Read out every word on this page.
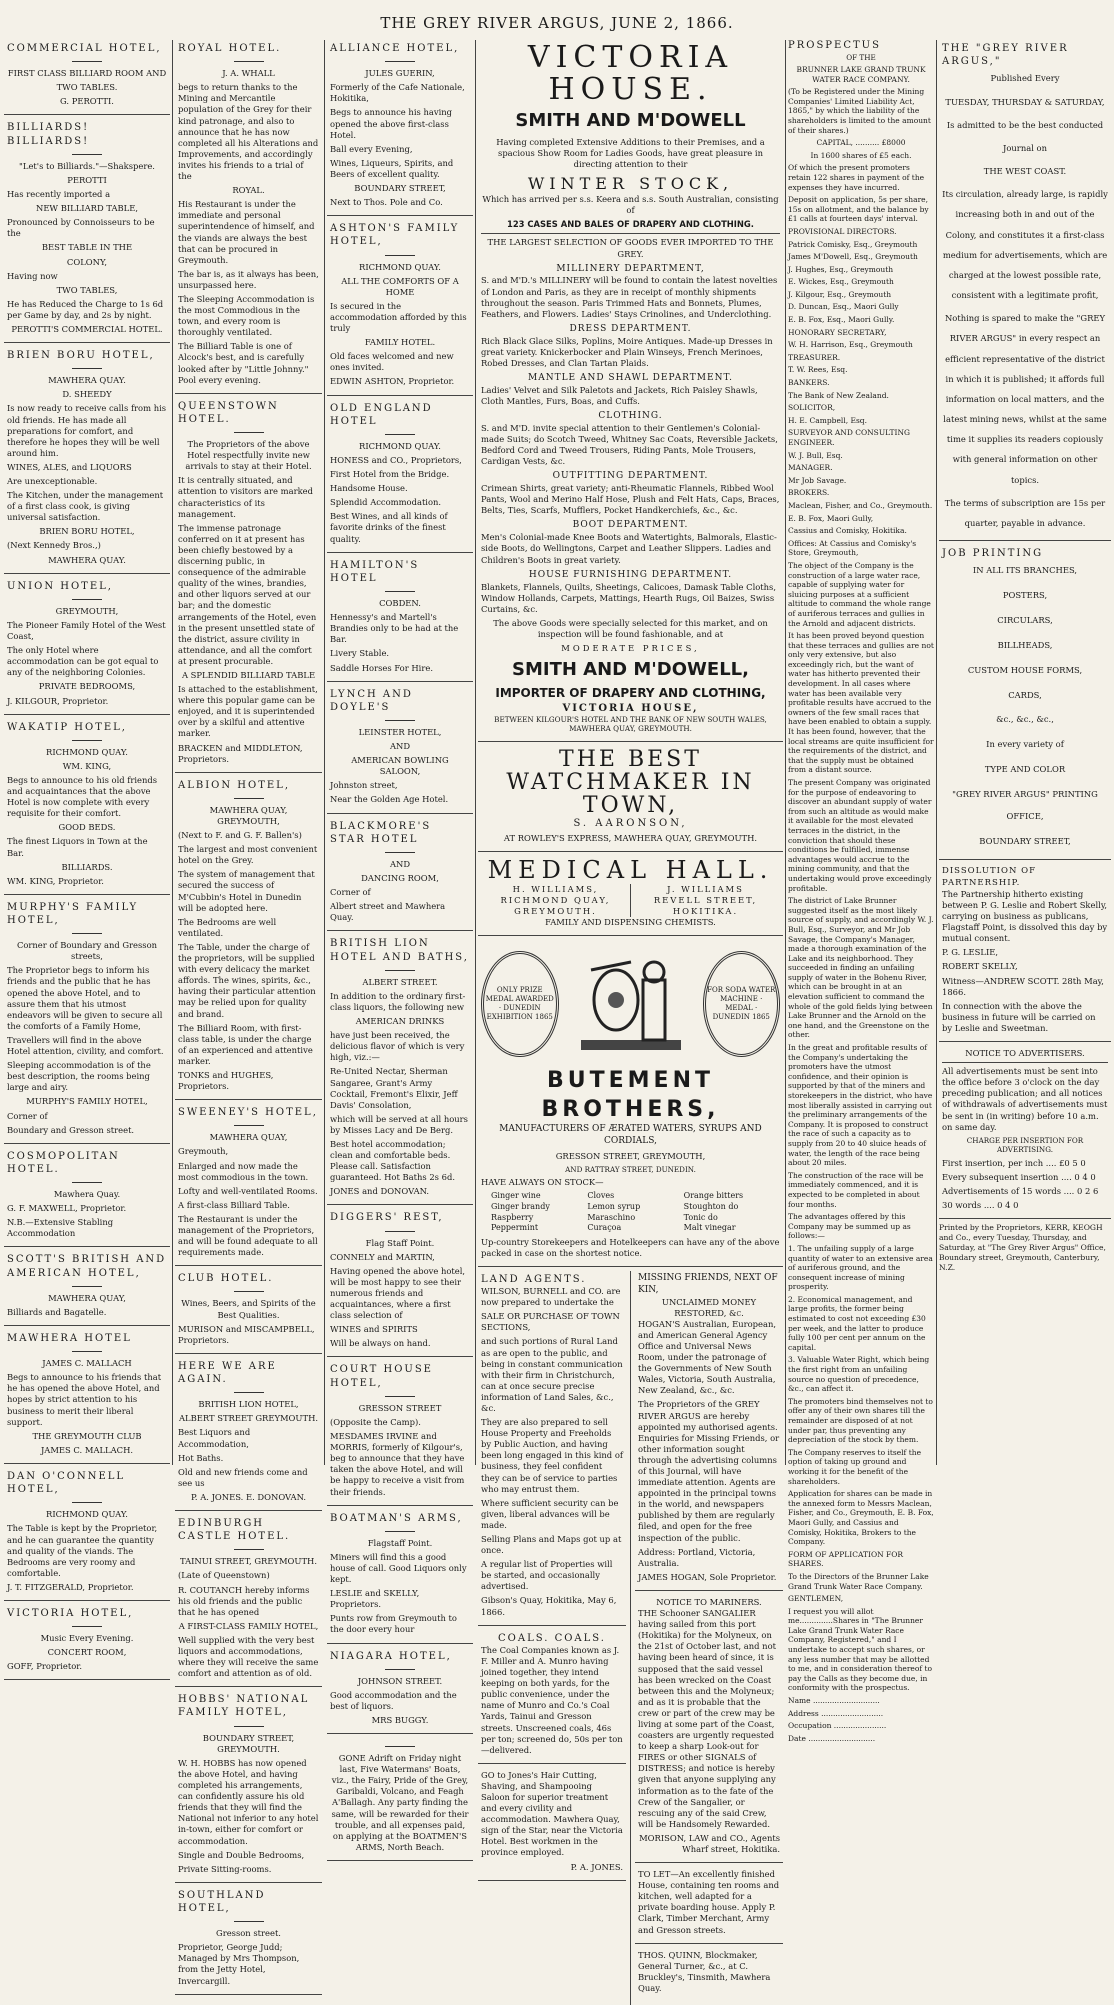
THE GREY RIVER ARGUS, JUNE 2, 1866.
COMMERCIAL HOTEL,

FIRST CLASS BILLIARD ROOM AND

TWO TABLES.

G. PEROTTI.

BILLIARDS! BILLIARDS!

"Let's to Billiards."—Shakspere.

PEROTTI

Has recently imported a

NEW BILLIARD TABLE,

Pronounced by Connoisseurs to be the

BEST TABLE IN THE

COLONY,

Having now

TWO TABLES,

He has Reduced the Charge to 1s 6d per Game by day, and 2s by night.

PEROTTI'S COMMERCIAL HOTEL.

BRIEN BORU HOTEL,

MAWHERA QUAY.

D. SHEEDY

Is now ready to receive calls from his old friends. He has made all preparations for comfort, and therefore he hopes they will be well around him.

WINES, ALES, and LIQUORS

Are unexceptionable.

The Kitchen, under the management of a first class cook, is giving universal satisfaction.

BRIEN BORU HOTEL,

(Next Kennedy Bros.,)

MAWHERA QUAY.

UNION HOTEL,

GREYMOUTH,

The Pioneer Family Hotel of the West Coast,

The only Hotel where accommodation can be got equal to any of the neighboring Colonies.

PRIVATE BEDROOMS,

J. KILGOUR, Proprietor.

WAKATIP HOTEL,

RICHMOND QUAY.

WM. KING,

Begs to announce to his old friends and acquaintances that the above Hotel is now complete with every requisite for their comfort.

GOOD BEDS.

The finest Liquors in Town at the Bar.

BILLIARDS.

WM. KING, Proprietor.

MURPHY'S FAMILY HOTEL,

Corner of Boundary and Gresson streets,

The Proprietor begs to inform his friends and the public that he has opened the above Hotel, and to assure them that his utmost endeavors will be given to secure all the comforts of a Family Home,

Travellers will find in the above Hotel attention, civility, and comfort.

Sleeping accommodation is of the best description, the rooms being large and airy.

MURPHY'S FAMILY HOTEL,

Corner of

Boundary and Gresson street.

COSMOPOLITAN HOTEL.

Mawhera Quay.

G. F. MAXWELL, Proprietor.

N.B.—Extensive Stabling Accommodation

SCOTT'S BRITISH AND AMERICAN HOTEL,

MAWHERA QUAY,

Billiards and Bagatelle.

MAWHERA HOTEL

JAMES C. MALLACH

Begs to announce to his friends that he has opened the above Hotel, and hopes by strict attention to his business to merit their liberal support.

THE GREYMOUTH CLUB

JAMES C. MALLACH.

DAN O'CONNELL HOTEL,

RICHMOND QUAY.

The Table is kept by the Proprietor, and he can guarantee the quantity and quality of the viands. The Bedrooms are very roomy and comfortable.

J. T. FITZGERALD, Proprietor.

VICTORIA HOTEL,

Music Every Evening.

CONCERT ROOM,

GOFF, Proprietor.

ROYAL HOTEL.

J. A. WHALL

begs to return thanks to the Mining and Mercantile population of the Grey for their kind patronage, and also to announce that he has now completed all his Alterations and Improvements, and accordingly invites his friends to a trial of the

ROYAL.

His Restaurant is under the immediate and personal superintendence of himself, and the viands are always the best that can be procured in Greymouth.

The bar is, as it always has been, unsurpassed here.

The Sleeping Accommodation is the most Commodious in the town, and every room is thoroughly ventilated.

The Billiard Table is one of Alcock's best, and is carefully looked after by "Little Johnny." Pool every evening.

QUEENSTOWN HOTEL.

The Proprietors of the above Hotel respectfully invite new arrivals to stay at their Hotel.

It is centrally situated, and attention to visitors are marked characteristics of its management.

The immense patronage conferred on it at present has been chiefly bestowed by a discerning public, in consequence of the admirable quality of the wines, brandies, and other liquors served at our bar; and the domestic arrangements of the Hotel, even in the present unsettled state of the district, assure civility in attendance, and all the comfort at present procurable.

A SPLENDID BILLIARD TABLE

Is attached to the establishment, where this popular game can be enjoyed, and it is superintended over by a skilful and attentive marker.

BRACKEN and MIDDLETON, Proprietors.

ALBION HOTEL,

MAWHERA QUAY, GREYMOUTH,

(Next to F. and G. F. Ballen's)

The largest and most convenient hotel on the Grey.

The system of management that secured the success of M'Cubbin's Hotel in Dunedin will be adopted here.

The Bedrooms are well ventilated.

The Table, under the charge of the proprietors, will be supplied with every delicacy the market affords. The wines, spirits, &c., having their particular attention may be relied upon for quality and brand.

The Billiard Room, with first-class table, is under the charge of an experienced and attentive marker.

TONKS and HUGHES, Proprietors.

SWEENEY'S HOTEL,

MAWHERA QUAY,

Greymouth,

Enlarged and now made the most commodious in the town.

Lofty and well-ventilated Rooms.

A first-class Billiard Table.

The Restaurant is under the management of the Proprietors, and will be found adequate to all requirements made.

CLUB HOTEL.

Wines, Beers, and Spirits of the Best Qualities.

MURISON and MISCAMPBELL, Proprietors.

HERE WE ARE AGAIN.

BRITISH LION HOTEL,

ALBERT STREET GREYMOUTH.

Best Liquors and Accommodation,

Hot Baths.

Old and new friends come and see us

P. A. JONES. E. DONOVAN.

EDINBURGH CASTLE HOTEL.

TAINUI STREET, GREYMOUTH.

(Late of Queenstown)

R. COUTANCH hereby informs his old friends and the public that he has opened

A FIRST-CLASS FAMILY HOTEL,

Well supplied with the very best liquors and accommodations, where they will receive the same comfort and attention as of old.

HOBBS' NATIONAL FAMILY HOTEL,

BOUNDARY STREET, GREYMOUTH.

W. H. HOBBS has now opened the above Hotel, and having completed his arrangements, can confidently assure his old friends that they will find the National not inferior to any hotel in-town, either for comfort or accommodation.

Single and Double Bedrooms,

Private Sitting-rooms.

SOUTHLAND HOTEL,

Gresson street.

Proprietor, George Judd; Managed by Mrs Thompson, from the Jetty Hotel, Invercargill.

ALLIANCE HOTEL,

JULES GUERIN,

Formerly of the Cafe Nationale, Hokitika,

Begs to announce his having opened the above first-class Hotel.

Ball every Evening,

Wines, Liqueurs, Spirits, and Beers of excellent quality.

BOUNDARY STREET,

Next to Thos. Pole and Co.

ASHTON'S FAMILY HOTEL,

RICHMOND QUAY.

ALL THE COMFORTS OF A HOME

Is secured in the accommodation afforded by this truly

FAMILY HOTEL.

Old faces welcomed and new ones invited.

EDWIN ASHTON, Proprietor.

OLD ENGLAND HOTEL

RICHMOND QUAY.

HONESS and CO., Proprietors,

First Hotel from the Bridge.

Handsome House.

Splendid Accommodation.

Best Wines, and all kinds of favorite drinks of the finest quality.

HAMILTON'S HOTEL

COBDEN.

Hennessy's and Martell's Brandies only to be had at the Bar.

Livery Stable.

Saddle Horses For Hire.

LYNCH AND DOYLE'S

LEINSTER HOTEL,

AND

AMERICAN BOWLING SALOON,

Johnston street,

Near the Golden Age Hotel.

BLACKMORE'S STAR HOTEL

AND

DANCING ROOM,

Corner of

Albert street and Mawhera Quay.

BRITISH LION HOTEL AND BATHS,

ALBERT STREET.

In addition to the ordinary first-class liquors, the following new

AMERICAN DRINKS

have just been received, the delicious flavor of which is very high, viz.:—

Re-United Nectar, Sherman Sangaree, Grant's Army Cocktail, Fremont's Elixir, Jeff Davis' Consolation,

which will be served at all hours by Misses Lacy and De Berg.

Best hotel accommodation; clean and comfortable beds. Please call. Satisfaction guaranteed. Hot Baths 2s 6d.

JONES and DONOVAN.

DIGGERS' REST,

Flag Staff Point.

CONNELY and MARTIN,

Having opened the above hotel, will be most happy to see their numerous friends and acquaintances, where a first class selection of

WINES and SPIRITS

Will be always on hand.

COURT HOUSE HOTEL,

GRESSON STREET

(Opposite the Camp).

MESDAMES IRVINE and MORRIS, formerly of Kilgour's, beg to announce that they have taken the above Hotel, and will be happy to receive a visit from their friends.

BOATMAN'S ARMS,

Flagstaff Point.

Miners will find this a good house of call. Good Liquors only kept.

LESLIE and SKELLY, Proprietors.

Punts row from Greymouth to the door every hour

NIAGARA HOTEL,

JOHNSON STREET.

Good accommodation and the best of liquors.

MRS BUGGY.

GONE Adrift on Friday night last, Five Watermans' Boats, viz., the Fairy, Pride of the Grey, Garibaldi, Volcano, and Feagh A'Ballagh. Any party finding the same, will be rewarded for their trouble, and all expenses paid, on applying at the BOATMEN'S ARMS, North Beach.

VICTORIA HOUSE.
SMITH AND M'DOWELL

Having completed Extensive Additions to their Premises, and a spacious Show Room for Ladies Goods, have great pleasure in directing attention to their

WINTER STOCK,

Which has arrived per s.s. Keera and s.s. South Australian, consisting of

123 CASES AND BALES OF DRAPERY AND CLOTHING.

THE LARGEST SELECTION OF GOODS EVER IMPORTED TO THE GREY.

MILLINERY DEPARTMENT,

S. and M'D.'s MILLINERY will be found to contain the latest novelties of London and Paris, as they are in receipt of monthly shipments throughout the season. Paris Trimmed Hats and Bonnets, Plumes, Feathers, and Flowers. Ladies' Stays Crinolines, and Underclothing.

DRESS DEPARTMENT.

Rich Black Glace Silks, Poplins, Moire Antiques. Made-up Dresses in great variety. Knickerbocker and Plain Winseys, French Merinoes, Robed Dresses, and Clan Tartan Plaids.

MANTLE AND SHAWL DEPARTMENT.

Ladies' Velvet and Silk Paletots and Jackets, Rich Paisley Shawls, Cloth Mantles, Furs, Boas, and Cuffs.

CLOTHING.

S. and M'D. invite special attention to their Gentlemen's Colonial-made Suits; do Scotch Tweed, Whitney Sac Coats, Reversible Jackets, Bedford Cord and Tweed Trousers, Riding Pants, Mole Trousers, Cardigan Vests, &c.

OUTFITTING DEPARTMENT.

Crimean Shirts, great variety; anti-Rheumatic Flannels, Ribbed Wool Pants, Wool and Merino Half Hose, Plush and Felt Hats, Caps, Braces, Belts, Ties, Scarfs, Mufflers, Pocket Handkerchiefs, &c., &c.

BOOT DEPARTMENT.

Men's Colonial-made Knee Boots and Watertights, Balmorals, Elastic-side Boots, do Wellingtons, Carpet and Leather Slippers. Ladies and Children's Boots in great variety.

HOUSE FURNISHING DEPARTMENT.

Blankets, Flannels, Quilts, Sheetings, Calicoes, Damask Table Cloths, Window Hollands, Carpets, Mattings, Hearth Rugs, Oil Baizes, Swiss Curtains, &c.

The above Goods were specially selected for this market, and on inspection will be found fashionable, and at

MODERATE PRICES,

SMITH AND M'DOWELL,
IMPORTER OF DRAPERY AND CLOTHING,
VICTORIA HOUSE,

BETWEEN KILGOUR'S HOTEL AND THE BANK OF NEW SOUTH WALES, MAWHERA QUAY, GREYMOUTH.

THE BEST WATCHMAKER IN TOWN,

S. AARONSON,

AT ROWLEY'S EXPRESS, MAWHERA QUAY, GREYMOUTH.

MEDICAL HALL.
H. WILLIAMS,
RICHMOND QUAY,
GREYMOUTH.
J. WILLIAMS
REVELL STREET,
HOKITIKA.

FAMILY AND DISPENSING CHEMISTS.

ONLY PRIZE MEDAL AWARDED · DUNEDIN EXHIBITION 1865
FOR SODA WATER MACHINE · MEDAL · DUNEDIN 1865
BUTEMENT BROTHERS,

MANUFACTURERS OF ÆRATED WATERS, SYRUPS AND CORDIALS,

GRESSON STREET, GREYMOUTH,

AND RATTRAY STREET, DUNEDIN.

HAVE ALWAYS ON STOCK—

Ginger wine	Cloves	Orange bitters
Ginger brandy	Lemon syrup	Stoughton do
Raspberry	Maraschino	Tonic do
Peppermint	Curaçoa	Malt vinegar

Up-country Storekeepers and Hotelkeepers can have any of the above packed in case on the shortest notice.

LAND AGENTS.

WILSON, BURNELL and CO. are now prepared to undertake the

SALE OR PURCHASE OF TOWN SECTIONS,

and such portions of Rural Land as are open to the public, and being in constant communication with their firm in Christchurch, can at once secure precise information of Land Sales, &c., &c.

They are also prepared to sell House Property and Freeholds by Public Auction, and having been long engaged in this kind of business, they feel confident they can be of service to parties who may entrust them.

Where sufficient security can be given, liberal advances will be made.

Selling Plans and Maps got up at once.

A regular list of Properties will be started, and occasionally advertised.

Gibson's Quay, Hokitika, May 6, 1866.

COALS. COALS.

The Coal Companies known as J. F. Miller and A. Munro having joined together, they intend keeping on both yards, for the public convenience, under the name of Munro and Co.'s Coal Yards, Tainui and Gresson streets. Unscreened coals, 46s per ton; screened do, 50s per ton—delivered.

GO to Jones's Hair Cutting, Shaving, and Shampooing Saloon for superior treatment and every civility and accommodation. Mawhera Quay, sign of the Star, near the Victoria Hotel. Best workmen in the province employed.

P. A. JONES.

MISSING FRIENDS, NEXT OF KIN,
UNCLAIMED MONEY RESTORED, &c.

HOGAN'S Australian, European, and American General Agency Office and Universal News Room, under the patronage of the Governments of New South Wales, Victoria, South Australia, New Zealand, &c., &c.

The Proprietors of the GREY RIVER ARGUS are hereby appointed my authorised agents. Enquiries for Missing Friends, or other information sought through the advertising columns of this Journal, will have immediate attention. Agents are appointed in the principal towns in the world, and newspapers published by them are regularly filed, and open for the free inspection of the public.

Address: Portland, Victoria, Australia.

JAMES HOGAN, Sole Proprietor.

NOTICE TO MARINERS.

THE Schooner SANGALIER having sailed from this port (Hokitika) for the Molyneux, on the 21st of October last, and not having been heard of since, it is supposed that the said vessel has been wrecked on the Coast between this and the Molyneux; and as it is probable that the crew or part of the crew may be living at some part of the Coast, coasters are urgently requested to keep a sharp Look-out for FIRES or other SIGNALS of DISTRESS; and notice is hereby given that anyone supplying any information as to the fate of the Crew of the Sangalier, or rescuing any of the said Crew, will be Handsomely Rewarded.

MORISON, LAW and CO., Agents Wharf street, Hokitika.

TO LET—An excellently finished House, containing ten rooms and kitchen, well adapted for a private boarding house. Apply P. Clark, Timber Merchant, Army and Gresson streets.

THOS. QUINN, Blockmaker, General Turner, &c., at C. Bruckley's, Tinsmith, Mawhera Quay.

PROSPECTUS

OF THE

BRUNNER LAKE GRAND TRUNK WATER RACE COMPANY.

(To be Registered under the Mining Companies' Limited Liability Act, 1865," by which the liability of the shareholders is limited to the amount of their shares.)

CAPITAL, .......... £8000

In 1600 shares of £5 each.

Of which the present promoters retain 122 shares in payment of the expenses they have incurred.

Deposit on application, 5s per share, 15s on allotment, and the balance by £1 calls at fourteen days' interval.

PROVISIONAL DIRECTORS.

Patrick Comisky, Esq., Greymouth

James M'Dowell, Esq., Greymouth

J. Hughes, Esq., Greymouth

E. Wickes, Esq., Greymouth

J. Kilgour, Esq., Greymouth

D. Duncan, Esq., Maori Gully

E. B. Fox, Esq., Maori Gully.

HONORARY SECRETARY,

W. H. Harrison, Esq., Greymouth

TREASURER.

T. W. Rees, Esq.

BANKERS.

The Bank of New Zealand.

SOLICITOR,

H. E. Campbell, Esq.

SURVEYOR AND CONSULTING ENGINEER.

W. J. Bull, Esq.

MANAGER.

Mr Job Savage.

BROKERS.

Maclean, Fisher, and Co., Greymouth.

E. B. Fox, Maori Gully,

Cassius and Comisky, Hokitika.

Offices: At Cassius and Comisky's Store, Greymouth,

The object of the Company is the construction of a large water race, capable of supplying water for sluicing purposes at a sufficient altitude to command the whole range of auriferous terraces and gullies in the Arnold and adjacent districts.

It has been proved beyond question that these terraces and gullies are not only very extensive, but also exceedingly rich, but the want of water has hitherto prevented their development. In all cases where water has been available very profitable results have accrued to the owners of the few small races that have been enabled to obtain a supply. It has been found, however, that the local streams are quite insufficient for the requirements of the district, and that the supply must be obtained from a distant source.

The present Company was originated for the purpose of endeavoring to discover an abundant supply of water from such an altitude as would make it available for the most elevated terraces in the district, in the conviction that should these conditions be fulfilled, immense advantages would accrue to the mining community, and that the undertaking would prove exceedingly profitable.

The district of Lake Brunner suggested itself as the most likely source of supply, and accordingly W. J. Bull, Esq., Surveyor, and Mr Job Savage, the Company's Manager, made a thorough examination of the Lake and its neighborhood. They succeeded in finding an unfailing supply of water in the Bohenu River, which can be brought in at an elevation sufficient to command the whole of the gold fields lying between Lake Brunner and the Arnold on the one hand, and the Greenstone on the other.

In the great and profitable results of the Company's undertaking the promoters have the utmost confidence, and their opinion is supported by that of the miners and storekeepers in the district, who have most liberally assisted in carrying out the preliminary arrangements of the Company. It is proposed to construct the race of such a capacity as to supply from 20 to 40 sluice heads of water, the length of the race being about 20 miles.

The construction of the race will be immediately commenced, and it is expected to be completed in about four months.

The advantages offered by this Company may be summed up as follows:—

1. The unfailing supply of a large quantity of water to an extensive area of auriferous ground, and the consequent increase of mining prosperity.

2. Economical management, and large profits, the former being estimated to cost not exceeding £30 per week, and the latter to produce fully 100 per cent per annum on the capital.

3. Valuable Water Right, which being the first right from an unfailing source no question of precedence, &c., can affect it.

The promoters bind themselves not to offer any of their own shares till the remainder are disposed of at not under par, thus preventing any depreciation of the stock by them.

The Company reserves to itself the option of taking up ground and working it for the benefit of the shareholders.

Application for shares can be made in the annexed form to Messrs Maclean, Fisher, and Co., Greymouth, E. B. Fox, Maori Gully, and Cassius and Comisky, Hokitika, Brokers to the Company.

FORM OF APPLICATION FOR SHARES.

To the Directors of the Brunner Lake Grand Trunk Water Race Company.

GENTLEMEN,

I request you will allot me..............Shares in "The Brunner Lake Grand Trunk Water Race Company, Registered," and I undertake to accept such shares, or any less number that may be allotted to me, and in consideration thereof to pay the Calls as they become due, in conformity with the prospectus.

Name ............................

Address ..........................

Occupation ......................

Date ............................

THE "GREY RIVER ARGUS,"

Published Every

TUESDAY, THURSDAY & SATURDAY,

Is admitted to be the best conducted

Journal on

THE WEST COAST.

Its circulation, already large, is rapidly increasing both in and out of the Colony, and constitutes it a first-class medium for advertisements, which are charged at the lowest possible rate, consistent with a legitimate profit,

Nothing is spared to make the "GREY RIVER ARGUS" in every respect an efficient representative of the district in which it is published; it affords full information on local matters, and the latest mining news, whilst at the same time it supplies its readers copiously with general information on other topics.

The terms of subscription are 15s per quarter, payable in advance.

JOB PRINTING

IN ALL ITS BRANCHES,

POSTERS,

CIRCULARS,

BILLHEADS,

CUSTOM HOUSE FORMS,

CARDS,

&c., &c., &c.,

In every variety of

TYPE AND COLOR

"GREY RIVER ARGUS" PRINTING OFFICE,

BOUNDARY STREET,

DISSOLUTION OF PARTNERSHIP.

The Partnership hitherto existing between P. G. Leslie and Robert Skelly, carrying on business as publicans, Flagstaff Point, is dissolved this day by mutual consent.

P. G. LESLIE,

ROBERT SKELLY,

Witness—ANDREW SCOTT. 28th May, 1866.

In connection with the above the business in future will be carried on by Leslie and Sweetman.

NOTICE TO ADVERTISERS.

All advertisements must be sent into the office before 3 o'clock on the day preceding publication; and all notices of withdrawals of advertisements must be sent in (in writing) before 10 a.m. on same day.

CHARGE PER INSERTION FOR ADVERTISING.

First insertion, per inch .... £0 5 0

Every subsequent insertion .... 0 4 0

Advertisements of 15 words .... 0 2 6

30 words .... 0 4 0

Printed by the Proprietors, KERR, KEOGH and Co., every Tuesday, Thursday, and Saturday, at "The Grey River Argus" Office, Boundary street, Greymouth, Canterbury, N.Z.
